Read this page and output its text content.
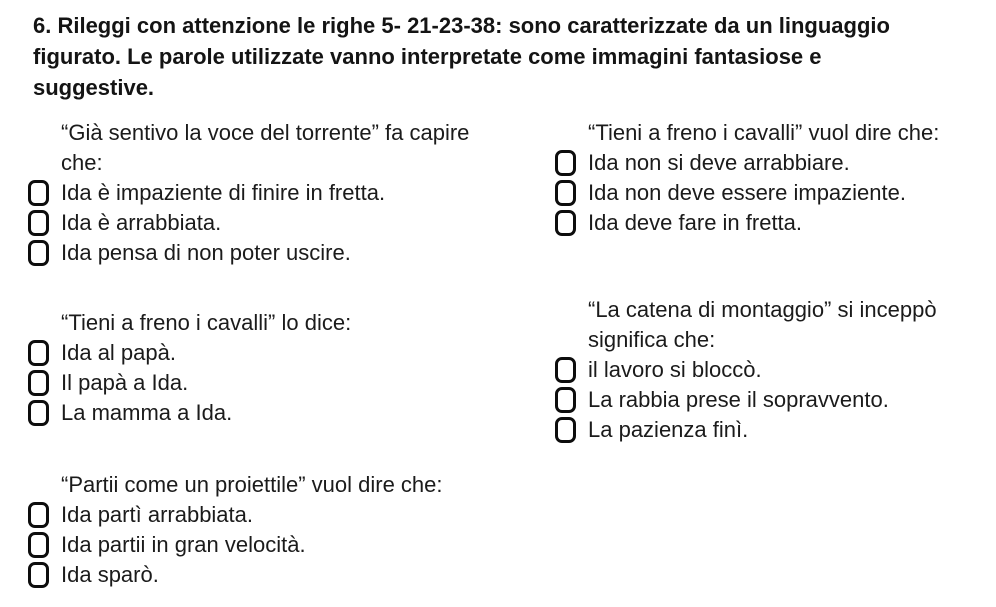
6. Rileggi con attenzione le righe 5- 21-23-38: sono caratterizzate da un linguaggio
figurato. Le parole utilizzate vanno interpretate come immagini fantasiose e
suggestive.
“Già sentivo la voce del torrente” fa capire
che:
Ida è impaziente di finire in fretta.
Ida è arrabbiata.
Ida pensa di non poter uscire.
“Tieni a freno i cavalli” lo dice:
Ida al papà.
Il papà a Ida.
La mamma a Ida.
“Partii come un proiettile” vuol dire che:
Ida partì arrabbiata.
Ida partii in gran velocità.
Ida sparò.
“Tieni a freno i cavalli” vuol dire che:
Ida non si deve arrabbiare.
Ida non deve essere impaziente.
Ida deve fare in fretta.
“La catena di montaggio” si inceppò
significa che:
il lavoro si bloccò.
La rabbia prese il sopravvento.
La pazienza finì.
